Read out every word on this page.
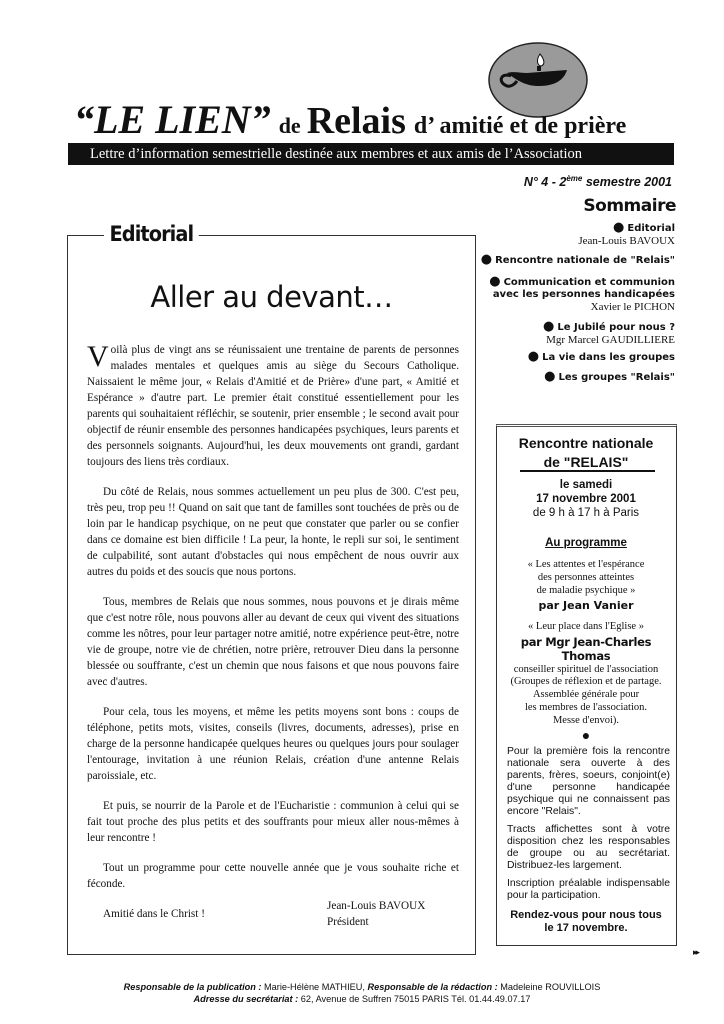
“LE LIEN” de Relais d’ amitié et de prière
Lettre d’information semestrielle destinée aux membres et aux amis de l’Association
N° 4 - 2ème semestre 2001
Editorial
Aller au devant…

Voilà plus de vingt ans se réunissaient une trentaine de parents de personnes malades mentales et quelques amis au siège du Secours Catholique. Naissaient le même jour, « Relais d'Amitié et de Prière» d'une part, « Amitié et Espérance » d'autre part. Le premier était constitué essentiellement pour les parents qui souhaitaient réfléchir, se soutenir, prier ensemble ; le second avait pour objectif de réunir ensemble des personnes handicapées psychiques, leurs parents et des personnels soignants. Aujourd'hui, les deux mouvements ont grandi, gardant toujours des liens très cordiaux.

Du côté de Relais, nous sommes actuellement un peu plus de 300. C'est peu, très peu, trop peu !! Quand on sait que tant de familles sont touchées de près ou de loin par le handicap psychique, on ne peut que constater que parler ou se confier dans ce domaine est bien difficile ! La peur, la honte, le repli sur soi, le sentiment de culpabilité, sont autant d'obstacles qui nous empêchent de nous ouvrir aux autres du poids et des soucis que nous portons.

Tous, membres de Relais que nous sommes, nous pouvons et je dirais même que c'est notre rôle, nous pouvons aller au devant de ceux qui vivent des situations comme les nôtres, pour leur partager notre amitié, notre expérience peut-être, notre vie de groupe, notre vie de chrétien, notre prière, retrouver Dieu dans la personne blessée ou souffrante, c'est un chemin que nous faisons et que nous pouvons faire avec d'autres.

Pour cela, tous les moyens, et même les petits moyens sont bons : coups de téléphone, petits mots, visites, conseils (livres, documents, adresses), prise en charge de la personne handicapée quelques heures ou quelques jours pour soulager l'entourage, invitation à une réunion Relais, création d'une antenne Relais paroissiale, etc.

Et puis, se nourrir de la Parole et de l'Eucharistie : communion à celui qui se fait tout proche des plus petits et des souffrants pour mieux aller nous-mêmes à leur rencontre !

Tout un programme pour cette nouvelle année que je vous souhaite riche et féconde.

Amitié dans le Christ !

Jean-Louis BAVOUX
Président
Sommaire
● Editorial
Jean-Louis BAVOUX
● Rencontre nationale de "Relais"
● Communication et communion
avec les personnes handicapées
Xavier le PICHON
● Le Jubilé pour nous ?
Mgr Marcel GAUDILLIERE
● La vie dans les groupes
● Les groupes "Relais"
Rencontre nationale
de "RELAIS"
le samedi
17 novembre 2001
de 9 h à 17 h à Paris
Au programme
« Les attentes et l'espérance
des personnes atteintes
de maladie psychique »
par Jean Vanier
« Leur place dans l'Eglise »
par Mgr Jean-Charles Thomas
conseiller spirituel de l'association
(Groupes de réflexion et de partage.
Assemblée générale pour
les membres de l'association.
Messe d'envoi).
●

Pour la première fois la rencontre nationale sera ouverte à des parents, frères, soeurs, conjoint(e) d'une personne handicapée psychique qui ne connaissent pas encore "Relais".

Tracts affichettes sont à votre disposition chez les responsables de groupe ou au secrétariat. Distribuez-les largement.

Inscription préalable indispensable pour la participation.

Rendez-vous pour nous tous
le 17 novembre.
▸▸
Responsable de la publication : Marie-Hélène MATHIEU, Responsable de la rédaction : Madeleine ROUVILLOIS
Adresse du secrétariat : 62, Avenue de Suffren 75015 PARIS Tél. 01.44.49.07.17
